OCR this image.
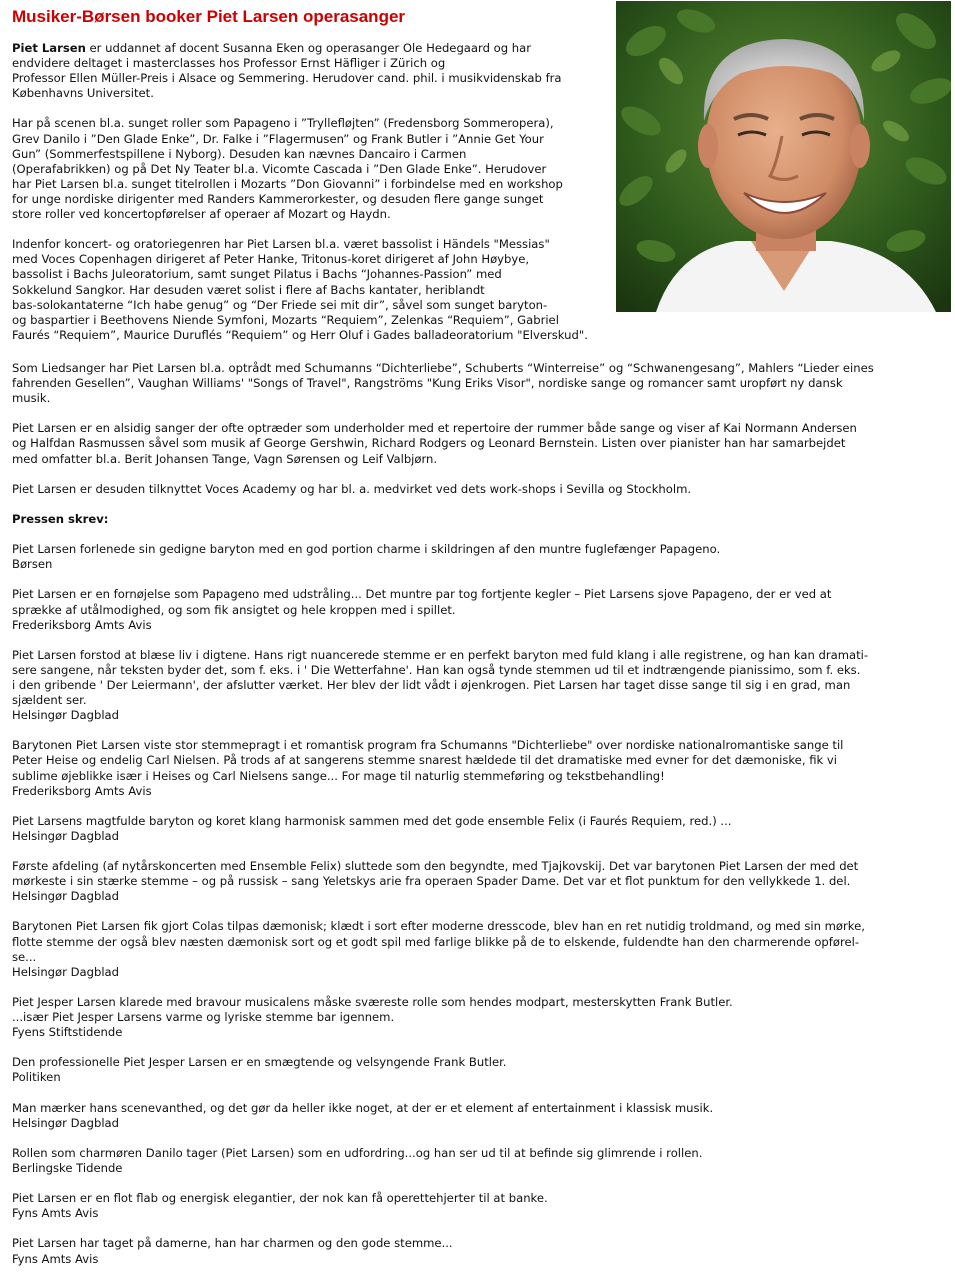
Musiker-Børsen booker Piet Larsen operasanger

Piet Larsen er uddannet af docent Susanna Eken og operasanger Ole Hedegaard og har
endvidere deltaget i masterclasses hos Professor Ernst Häfliger i Zürich og
Professor Ellen Müller-Preis i Alsace og Semmering. Herudover cand. phil. i musikvidenskab fra
Københavns Universitet.

Har på scenen bl.a. sunget roller som Papageno i ”Tryllefløjten” (Fredensborg Sommeropera),
Grev Danilo i ”Den Glade Enke”, Dr. Falke i ”Flagermusen” og Frank Butler i ”Annie Get Your
Gun” (Sommerfestspillene i Nyborg). Desuden kan nævnes Dancairo i Carmen
(Operafabrikken) og på Det Ny Teater bl.a. Vicomte Cascada i ”Den Glade Enke”. Herudover
har Piet Larsen bl.a. sunget titelrollen i Mozarts ”Don Giovanni” i forbindelse med en workshop
for unge nordiske dirigenter med Randers Kammerorkester, og desuden flere gange sunget
store roller ved koncertopførelser af operaer af Mozart og Haydn.

Indenfor koncert- og oratoriegenren har Piet Larsen bl.a. været bassolist i Händels "Messias"
med Voces Copenhagen dirigeret af Peter Hanke, Tritonus-koret dirigeret af John Høybye,
bassolist i Bachs Juleoratorium, samt sunget Pilatus i Bachs “Johannes-Passion” med
Sokkelund Sangkor. Har desuden været solist i flere af Bachs kantater, heriblandt
bas-solokantaterne “Ich habe genug” og “Der Friede sei mit dir”, såvel som sunget baryton-
og baspartier i Beethovens Niende Symfoni, Mozarts “Requiem”, Zelenkas “Requiem”, Gabriel
Faurés “Requiem”, Maurice Duruflés “Requiem” og Herr Oluf i Gades balladeoratorium "Elverskud".

Som Liedsanger har Piet Larsen bl.a. optrådt med Schumanns “Dichterliebe”, Schuberts “Winterreise” og “Schwanengesang”, Mahlers “Lieder eines
fahrenden Gesellen”, Vaughan Williams' "Songs of Travel", Rangströms "Kung Eriks Visor", nordiske sange og romancer samt uropført ny dansk
musik.

Piet Larsen er en alsidig sanger der ofte optræder som underholder med et repertoire der rummer både sange og viser af Kai Normann Andersen
og Halfdan Rasmussen såvel som musik af George Gershwin, Richard Rodgers og Leonard Bernstein. Listen over pianister han har samarbejdet
med omfatter bl.a. Berit Johansen Tange, Vagn Sørensen og Leif Valbjørn.

Piet Larsen er desuden tilknyttet Voces Academy og har bl. a. medvirket ved dets work-shops i Sevilla og Stockholm.

Pressen skrev:

Piet Larsen forlenede sin gedigne baryton med en god portion charme i skildringen af den muntre fuglefænger Papageno.
Børsen

Piet Larsen er en fornøjelse som Papageno med udstråling... Det muntre par tog fortjente kegler – Piet Larsens sjove Papageno, der er ved at
sprække af utålmodighed, og som fik ansigtet og hele kroppen med i spillet.
Frederiksborg Amts Avis

Piet Larsen forstod at blæse liv i digtene. Hans rigt nuancerede stemme er en perfekt baryton med fuld klang i alle registrene, og han kan dramati-
sere sangene, når teksten byder det, som f. eks. i ' Die Wetterfahne'. Han kan også tynde stemmen ud til et indtrængende pianissimo, som f. eks.
i den gribende ' Der Leiermann', der afslutter værket. Her blev der lidt vådt i øjenkrogen. Piet Larsen har taget disse sange til sig i en grad, man
sjældent ser.
Helsingør Dagblad

Barytonen Piet Larsen viste stor stemmepragt i et romantisk program fra Schumanns "Dichterliebe" over nordiske nationalromantiske sange til
Peter Heise og endelig Carl Nielsen. På trods af at sangerens stemme snarest hældede til det dramatiske med evner for det dæmoniske, fik vi
sublime øjeblikke især i Heises og Carl Nielsens sange... For mage til naturlig stemmeføring og tekstbehandling!
Frederiksborg Amts Avis

Piet Larsens magtfulde baryton og koret klang harmonisk sammen med det gode ensemble Felix (i Faurés Requiem, red.) ...
Helsingør Dagblad

Første afdeling (af nytårskoncerten med Ensemble Felix) sluttede som den begyndte, med Tjajkovskij. Det var barytonen Piet Larsen der med det
mørkeste i sin stærke stemme – og på russisk – sang Yeletskys arie fra operaen Spader Dame. Det var et flot punktum for den vellykkede 1. del.
Helsingør Dagblad

Barytonen Piet Larsen fik gjort Colas tilpas dæmonisk; klædt i sort efter moderne dresscode, blev han en ret nutidig troldmand, og med sin mørke,
flotte stemme der også blev næsten dæmonisk sort og et godt spil med farlige blikke på de to elskende, fuldendte han den charmerende opførel-
se...
Helsingør Dagblad

Piet Jesper Larsen klarede med bravour musicalens måske sværeste rolle som hendes modpart, mesterskytten Frank Butler.
...især Piet Jesper Larsens varme og lyriske stemme bar igennem.
Fyens Stiftstidende

Den professionelle Piet Jesper Larsen er en smægtende og velsyngende Frank Butler.
Politiken

Man mærker hans scenevanthed, og det gør da heller ikke noget, at der er et element af entertainment i klassisk musik.
Helsingør Dagblad

Rollen som charmøren Danilo tager (Piet Larsen) som en udfordring...og han ser ud til at befinde sig glimrende i rollen.
Berlingske Tidende

Piet Larsen er en flot flab og energisk elegantier, der nok kan få operettehjerter til at banke.
Fyns Amts Avis

Piet Larsen har taget på damerne, han har charmen og den gode stemme...
Fyns Amts Avis
